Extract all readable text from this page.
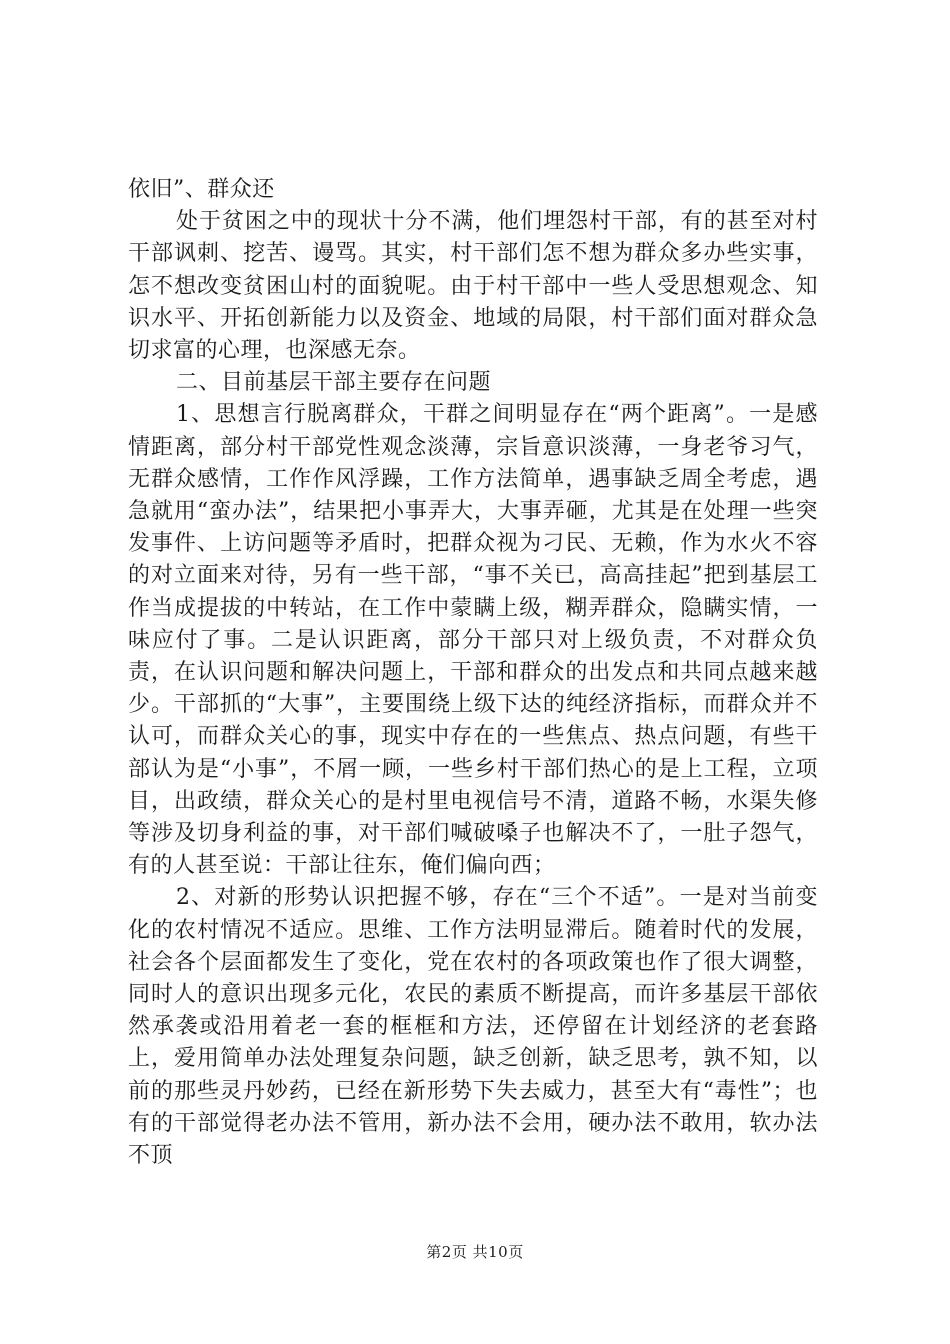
依旧”、群众还

处于贫困之中的现状十分不满，他们埋怨村干部，有的甚至对村干部讽刺、挖苦、谩骂。其实，村干部们怎不想为群众多办些实事，怎不想改变贫困山村的面貌呢。由于村干部中一些人受思想观念、知识水平、开拓创新能力以及资金、地域的局限，村干部们面对群众急切求富的心理，也深感无奈。

二、目前基层干部主要存在问题

1、思想言行脱离群众，干群之间明显存在“两个距离”。一是感情距离，部分村干部党性观念淡薄，宗旨意识淡薄，一身老爷习气，无群众感情，工作作风浮躁，工作方法简单，遇事缺乏周全考虑，遇急就用“蛮办法”，结果把小事弄大，大事弄砸，尤其是在处理一些突发事件、上访问题等矛盾时，把群众视为刁民、无赖，作为水火不容的对立面来对待，另有一些干部，“事不关已，高高挂起”把到基层工作当成提拔的中转站，在工作中蒙瞒上级，糊弄群众，隐瞒实情，一味应付了事。二是认识距离，部分干部只对上级负责，不对群众负责，在认识问题和解决问题上，干部和群众的出发点和共同点越来越少。干部抓的“大事”，主要围绕上级下达的纯经济指标，而群众并不认可，而群众关心的事，现实中存在的一些焦点、热点问题，有些干部认为是“小事”，不屑一顾，一些乡村干部们热心的是上工程，立项目，出政绩，群众关心的是村里电视信号不清，道路不畅，水渠失修等涉及切身利益的事，对干部们喊破嗓子也解决不了，一肚子怨气，有的人甚至说：干部让往东，俺们偏向西；

2、对新的形势认识把握不够，存在“三个不适”。一是对当前变化的农村情况不适应。思维、工作方法明显滞后。随着时代的发展，社会各个层面都发生了变化，党在农村的各项政策也作了很大调整，同时人的意识出现多元化，农民的素质不断提高，而许多基层干部依然承袭或沿用着老一套的框框和方法，还停留在计划经济的老套路上，爱用简单办法处理复杂问题，缺乏创新，缺乏思考，孰不知，以前的那些灵丹妙药，已经在新形势下失去威力，甚至大有“毒性”；也有的干部觉得老办法不管用，新办法不会用，硬办法不敢用，软办法不顶

第2页 共10页
